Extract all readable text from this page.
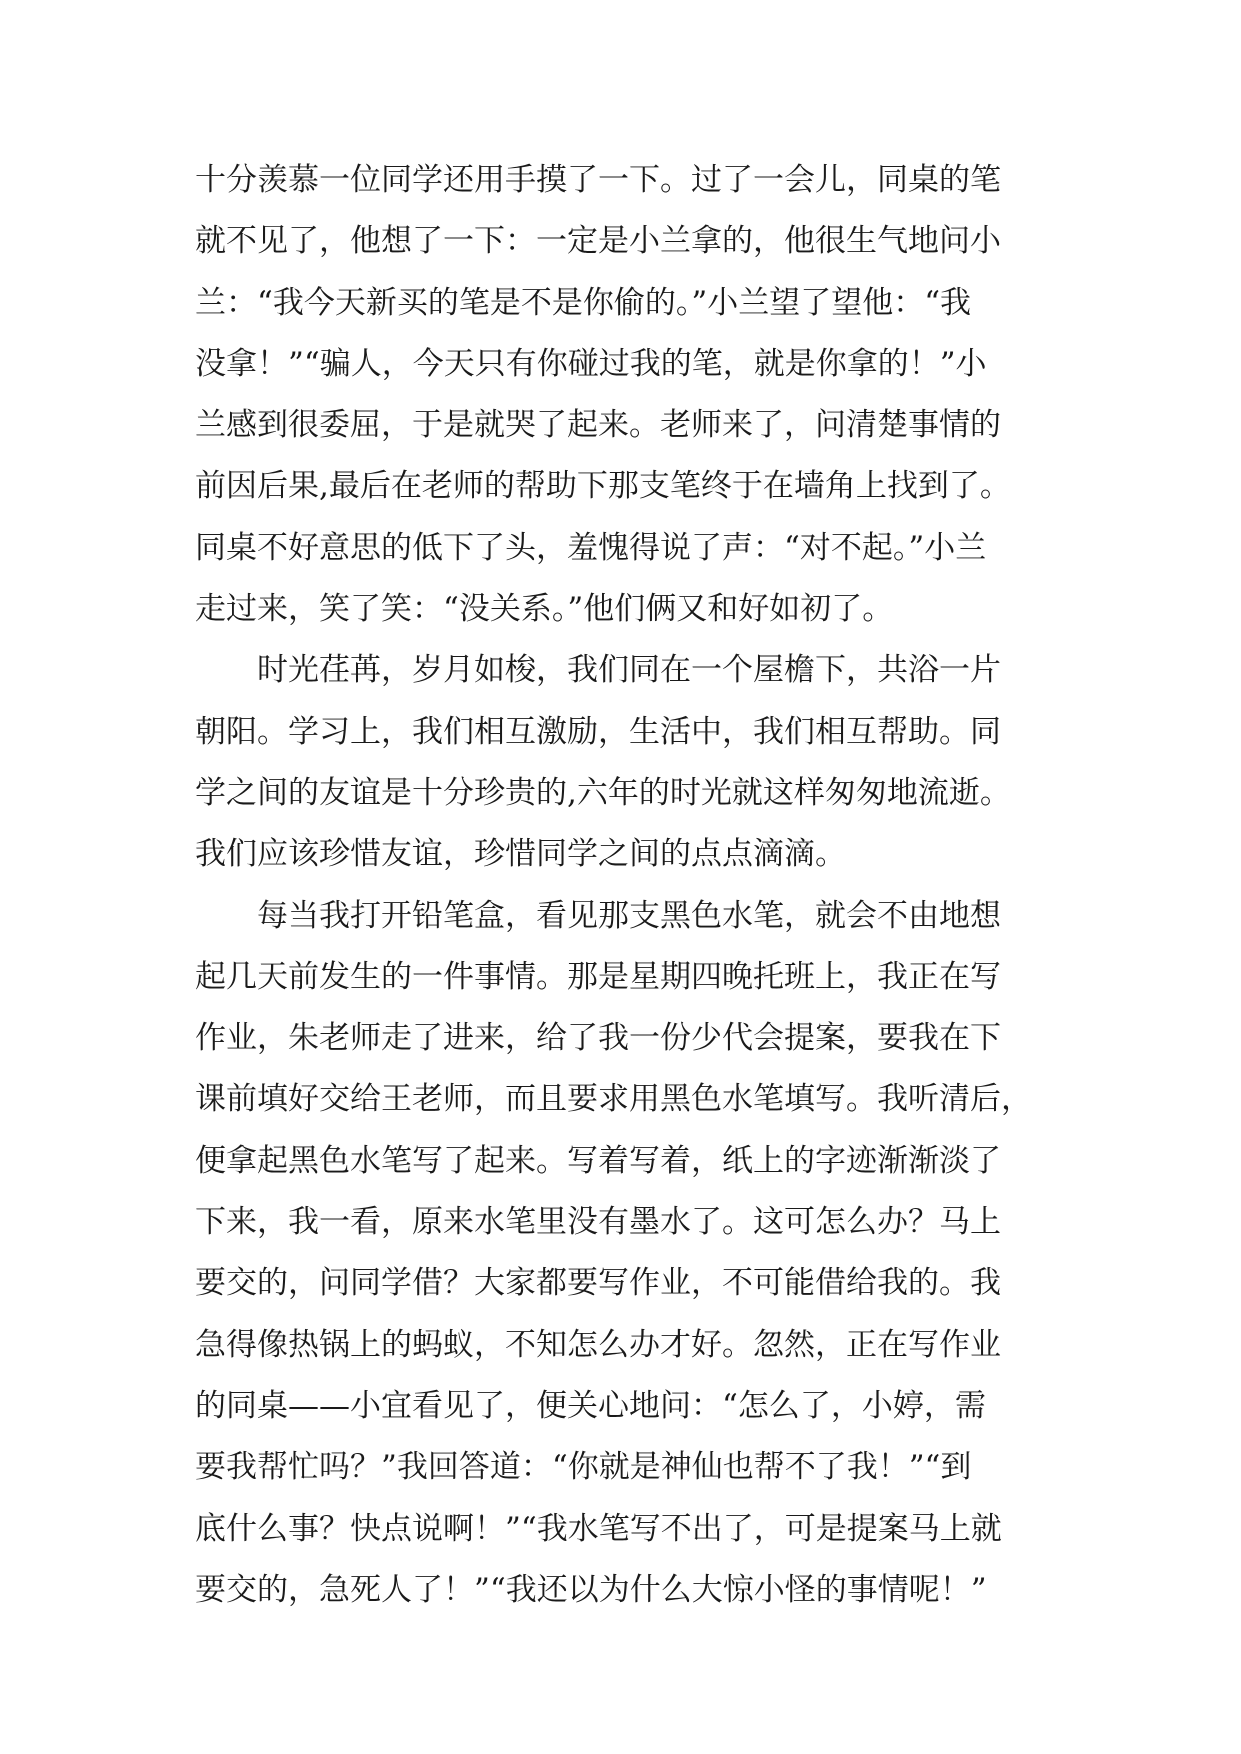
十分羡慕一位同学还用手摸了一下。过了一会儿，同桌的笔
就不见了，他想了一下：一定是小兰拿的，他很生气地问小
兰：“我今天新买的笔是不是你偷的。”小兰望了望他：“我
没拿！”“骗人，今天只有你碰过我的笔，就是你拿的！”小
兰感到很委屈，于是就哭了起来。老师来了，问清楚事情的
前因后果,最后在老师的帮助下那支笔终于在墙角上找到了。
同桌不好意思的低下了头，羞愧得说了声：“对不起。”小兰
走过来，笑了笑：“没关系。”他们俩又和好如初了。
　　时光荏苒，岁月如梭，我们同在一个屋檐下，共浴一片
朝阳。学习上，我们相互激励，生活中，我们相互帮助。同
学之间的友谊是十分珍贵的,六年的时光就这样匆匆地流逝。
我们应该珍惜友谊，珍惜同学之间的点点滴滴。
　　每当我打开铅笔盒，看见那支黑色水笔，就会不由地想
起几天前发生的一件事情。那是星期四晚托班上，我正在写
作业，朱老师走了进来，给了我一份少代会提案，要我在下
课前填好交给王老师，而且要求用黑色水笔填写。我听清后，
便拿起黑色水笔写了起来。写着写着，纸上的字迹渐渐淡了
下来，我一看，原来水笔里没有墨水了。这可怎么办？马上
要交的，问同学借？大家都要写作业，不可能借给我的。我
急得像热锅上的蚂蚁，不知怎么办才好。忽然，正在写作业
的同桌——小宜看见了，便关心地问：“怎么了，小婷，需
要我帮忙吗？”我回答道：“你就是神仙也帮不了我！”“到
底什么事？快点说啊！”“我水笔写不出了，可是提案马上就
要交的，急死人了！”“我还以为什么大惊小怪的事情呢！”
